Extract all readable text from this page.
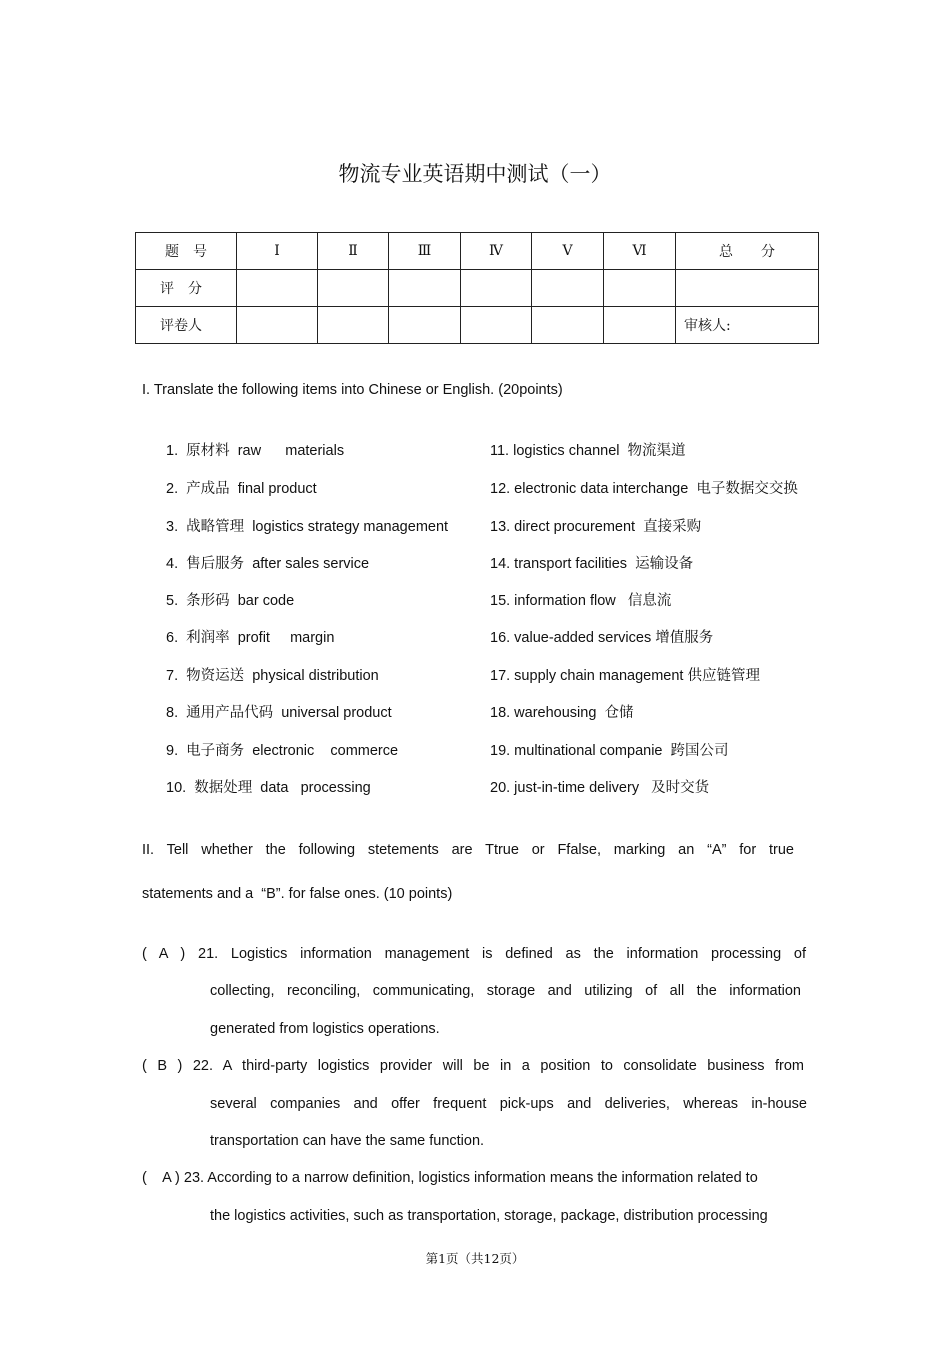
物流专业英语期中测试（一）
题　号	Ⅰ	Ⅱ	Ⅲ	Ⅳ	Ⅴ	Ⅵ	总　　分
评　分							
评卷人							审核人:
I. Translate the following items into Chinese or English. (20points)
1.  原材料  raw      materials
2.  产成品  final product
3.  战略管理  logistics strategy management
4.  售后服务  after sales service
5.  条形码  bar code
6.  利润率  profit     margin
7.  物资运送  physical distribution
8.  通用产品代码  universal product
9.  电子商务  electronic    commerce
10.  数据处理  data   processing
11. logistics channel  物流渠道
12. electronic data interchange  电子数据交交换
13. direct procurement  直接采购
14. transport facilities  运输设备
15. information flow   信息流
16. value-added services 增值服务
17. supply chain management 供应链管理
18. warehousing  仓储
19. multinational companie  跨国公司
20. just-in-time delivery   及时交货
II. Tell whether the following stetements are Ttrue or Ffalse, marking an “A” for true
statements and a  “B”. for false ones. (10 points)
( A ) 21. Logistics information management is defined as the information processing of
collecting, reconciling, communicating, storage and utilizing of all the information
generated from logistics operations.
( B ) 22. A third-party logistics provider will be in a position to consolidate business from
several companies and offer frequent pick-ups and deliveries, whereas in-house
transportation can have the same function.
(    A ) 23. According to a narrow definition, logistics information means the information related to
the logistics activities, such as transportation, storage, package, distribution processing
第1页（共12页）
